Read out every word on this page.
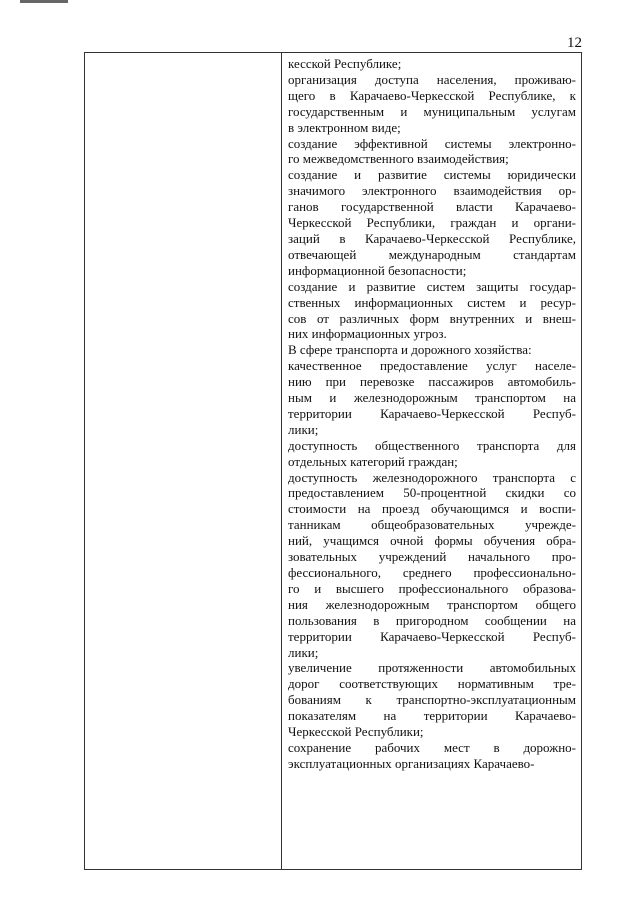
12

кесской Республике;

организация доступа населения, проживаю-
щего в Карачаево-Черкесской Республике, к
государственным и муниципальным услугам
в электронном виде;

создание эффективной системы электронно-
го межведомственного взаимодействия;

создание и развитие системы юридически
значимого электронного взаимодействия ор-
ганов государственной власти Карачаево-
Черкесской Республики, граждан и органи-
заций в Карачаево-Черкесской Республике,
отвечающей международным стандартам
информационной безопасности;

создание и развитие систем защиты государ-
ственных информационных систем и ресур-
сов от различных форм внутренних и внеш-
них информационных угроз.

В сфере транспорта и дорожного хозяйства:

качественное предоставление услуг населе-
нию при перевозке пассажиров автомобиль-
ным и железнодорожным транспортом на
территории Карачаево-Черкесской Респуб-
лики;

доступность общественного транспорта для
отдельных категорий граждан;

доступность железнодорожного транспорта с
предоставлением 50-процентной скидки со
стоимости на проезд обучающимся и воспи-
танникам общеобразовательных учрежде-
ний, учащимся очной формы обучения обра-
зовательных учреждений начального про-
фессионального, среднего профессионально-
го и высшего профессионального образова-
ния железнодорожным транспортом общего
пользования в пригородном сообщении на
территории Карачаево-Черкесской Респуб-
лики;

увеличение протяженности автомобильных
дорог соответствующих нормативным тре-
бованиям к транспортно-эксплуатационным
показателям на территории Карачаево-
Черкесской Республики;

сохранение рабочих мест в дорожно-
эксплуатационных организациях Карачаево-
